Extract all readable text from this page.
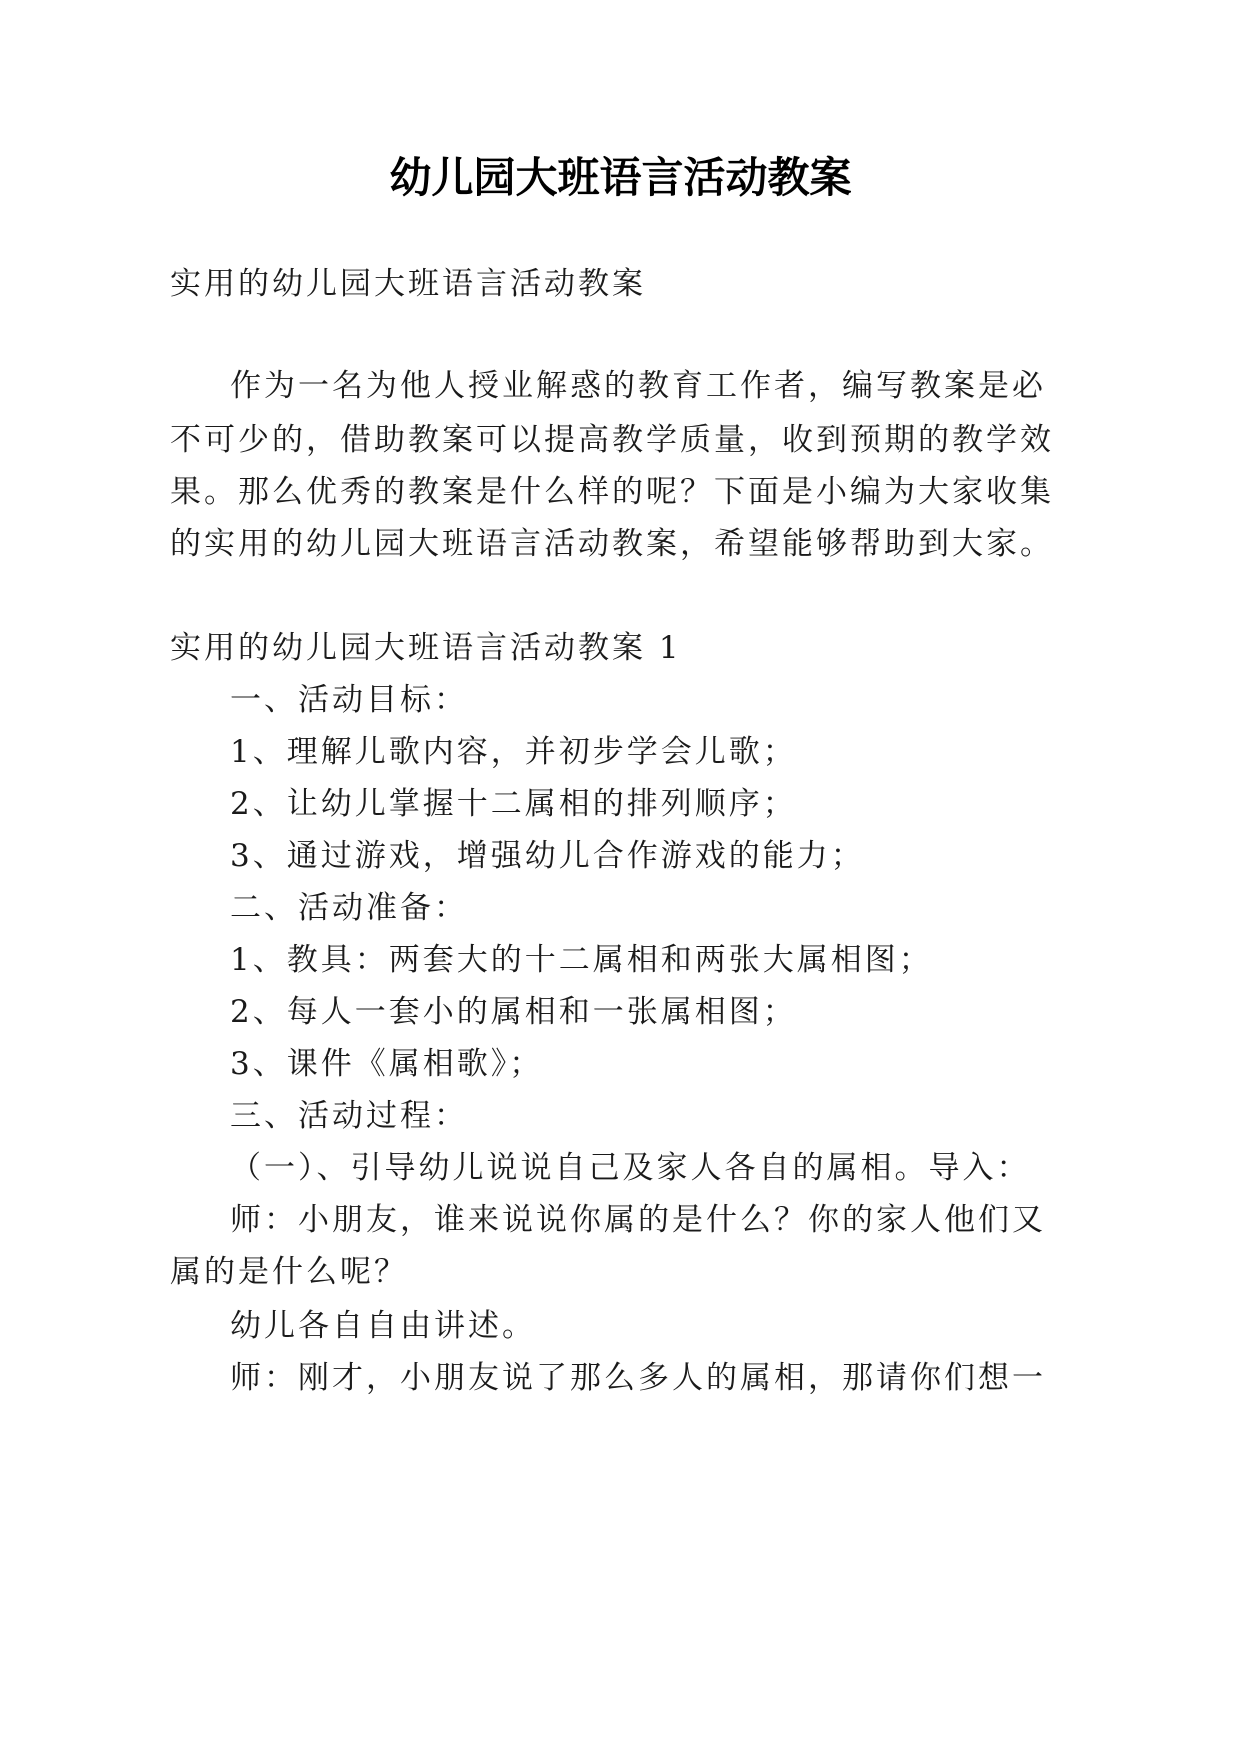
幼儿园大班语言活动教案
实用的幼儿园大班语言活动教案
作为一名为他人授业解惑的教育工作者，编写教案是必
不可少的，借助教案可以提高教学质量，收到预期的教学效
果。那么优秀的教案是什么样的呢？下面是小编为大家收集
的实用的幼儿园大班语言活动教案，希望能够帮助到大家。
实用的幼儿园大班语言活动教案 1
一、活动目标：
1、理解儿歌内容，并初步学会儿歌；
2、让幼儿掌握十二属相的排列顺序；
3、通过游戏，增强幼儿合作游戏的能力；
二、活动准备：
1、教具：两套大的十二属相和两张大属相图；
2、每人一套小的属相和一张属相图；
3、课件《属相歌》；
三、活动过程：
（一）、引导幼儿说说自己及家人各自的属相。导入：
师：小朋友，谁来说说你属的是什么？你的家人他们又
属的是什么呢？
幼儿各自自由讲述。
师：刚才，小朋友说了那么多人的属相，那请你们想一
